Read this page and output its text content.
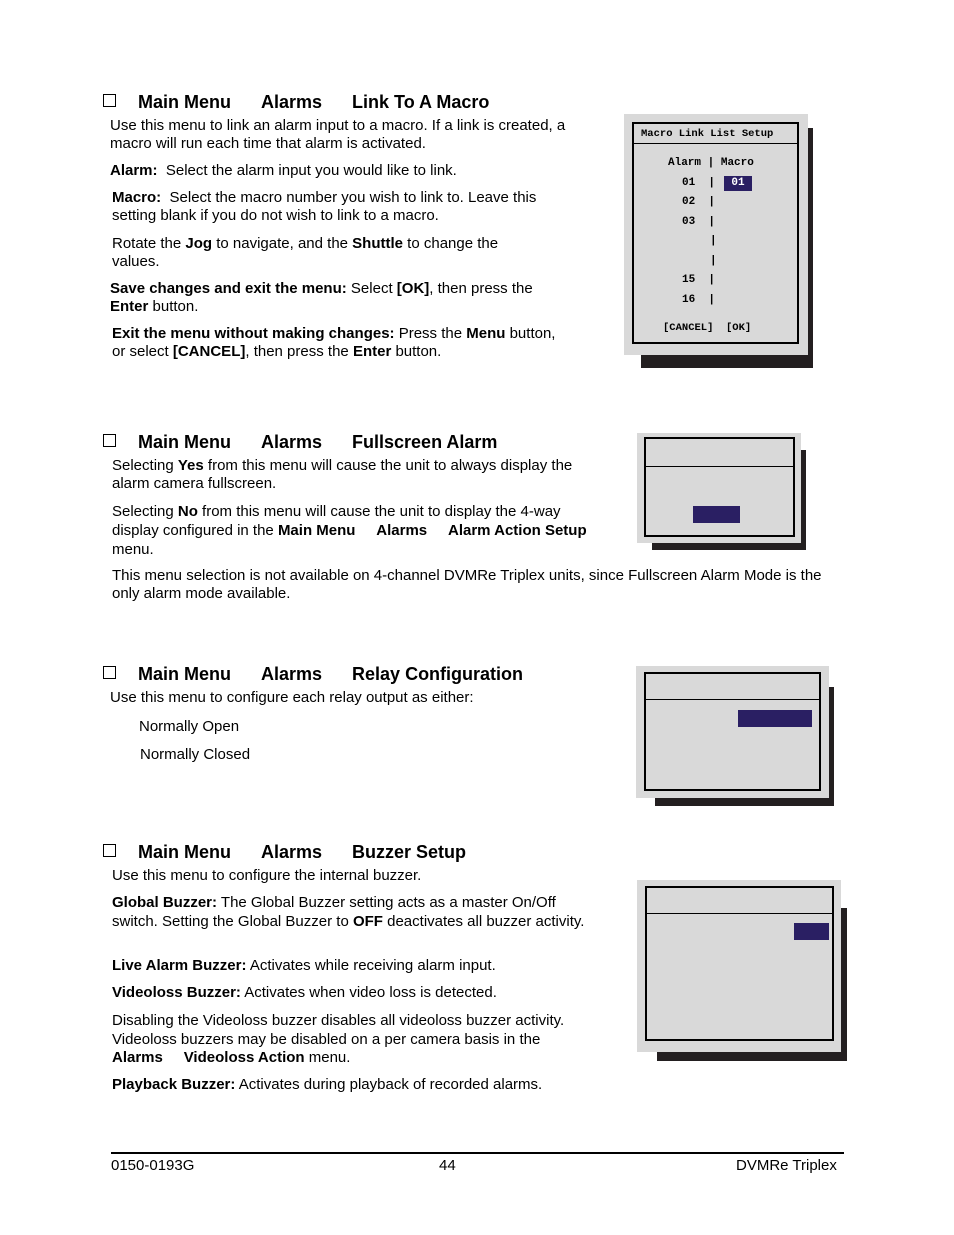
Main Menu Alarms Link To A Macro
Use this menu to link an alarm input to a macro. If a link is created, a macro will run each time that alarm is activated.
Alarm: Select the alarm input you would like to link.
Macro: Select the macro number you wish to link to. Leave this setting blank if you do not wish to link to a macro.
Rotate the Jog to navigate, and the Shuttle to change the values.
Save changes and exit the menu: Select [OK], then press the Enter button.
Exit the menu without making changes: Press the Menu button, or select [CANCEL], then press the Enter button.
Macro Link List Setup
Alarm | Macro
01  |	01
02  |
03  |
|
|
15  |
16  |
[CANCEL]  [OK]
Main Menu Alarms Fullscreen Alarm
Selecting Yes from this menu will cause the unit to always display the alarm camera fullscreen.
Selecting No from this menu will cause the unit to display the 4-way display configured in the Main Menu Alarms Alarm Action Setup menu.
This menu selection is not available on 4-channel DVMRe Triplex units, since Fullscreen Alarm Mode is the only alarm mode available.
Main Menu Alarms Relay Configuration
Use this menu to configure each relay output as either:
Normally Open
Normally Closed
Main Menu Alarms Buzzer Setup
Use this menu to configure the internal buzzer.
Global Buzzer: The Global Buzzer setting acts as a master On/Off switch. Setting the Global Buzzer to OFF deactivates all buzzer activity.
Live Alarm Buzzer: Activates while receiving alarm input.
Videoloss Buzzer: Activates when video loss is detected.
Disabling the Videoloss buzzer disables all videoloss buzzer activity. Videoloss buzzers may be disabled on a per camera basis in the Alarms Videoloss Action menu.
Playback Buzzer: Activates during playback of recorded alarms.
0150-0193G	44	DVMRe Triplex
